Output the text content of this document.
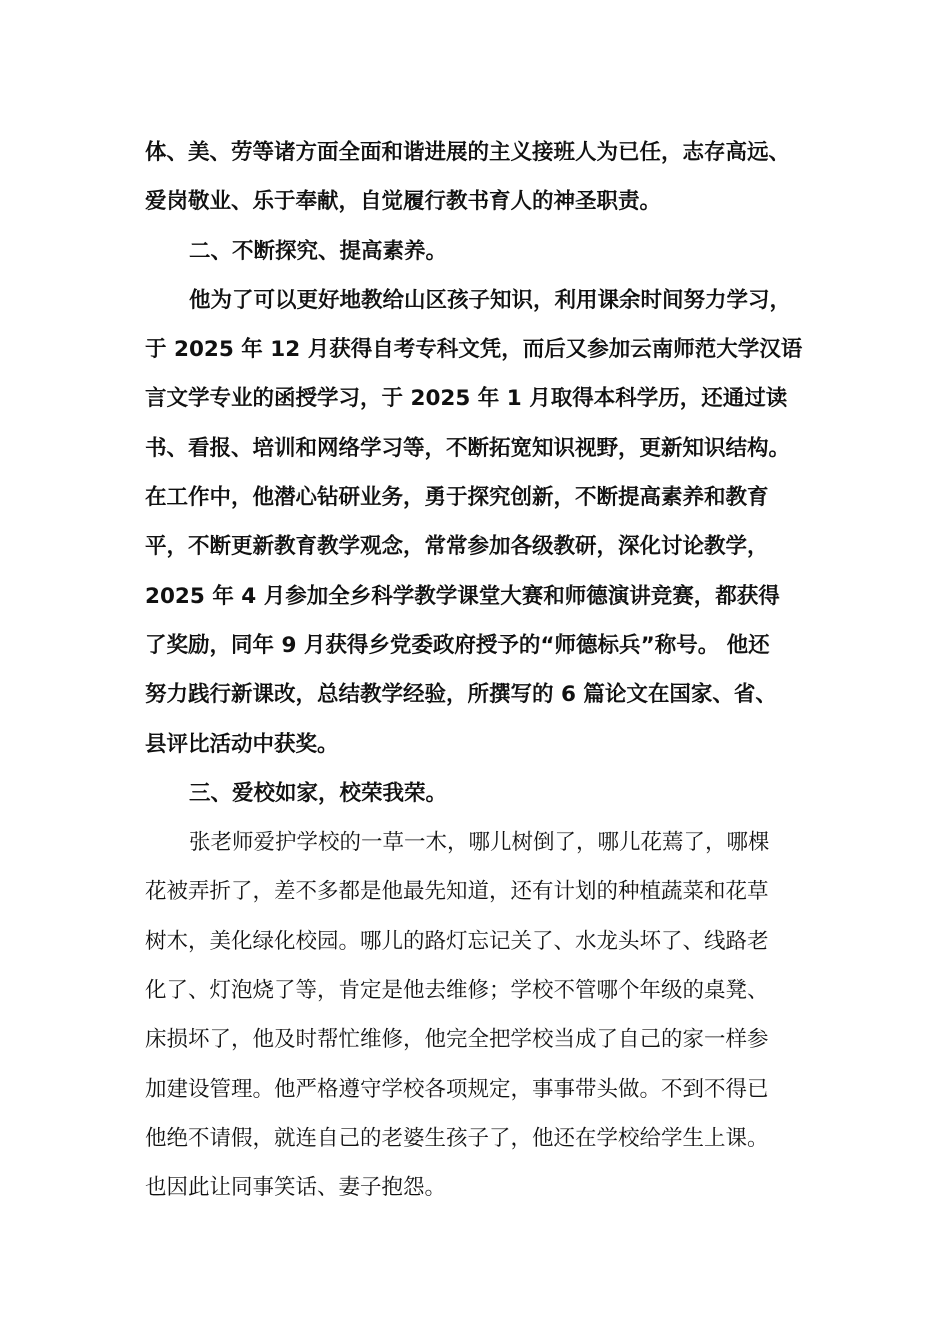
体、美、劳等诸方面全面和谐进展的主义接班人为已任，志存高远、
爱岗敬业、乐于奉献，自觉履行教书育人的神圣职责。
二、不断探究、提高素养。
他为了可以更好地教给山区孩子知识，利用课余时间努力学习，
于 2025 年 12 月获得自考专科文凭，而后又参加云南师范大学汉语
言文学专业的函授学习，于 2025 年 1 月取得本科学历，还通过读
书、看报、培训和网络学习等，不断拓宽知识视野，更新知识结构。
在工作中，他潜心钻研业务，勇于探究创新，不断提高素养和教育
平，不断更新教育教学观念，常常参加各级教研，深化讨论教学，
2025 年 4 月参加全乡科学教学课堂大赛和师德演讲竞赛，都获得
了奖励，同年 9 月获得乡党委政府授予的“师德标兵”称号。 他还
努力践行新课改，总结教学经验，所撰写的 6 篇论文在国家、省、
县评比活动中获奖。
三、爱校如家，校荣我荣。
张老师爱护学校的一草一木，哪儿树倒了，哪儿花蔫了，哪棵
花被弄折了，差不多都是他最先知道，还有计划的种植蔬菜和花草
树木，美化绿化校园。哪儿的路灯忘记关了、水龙头坏了、线路老
化了、灯泡烧了等，肯定是他去维修；学校不管哪个年级的桌凳、
床损坏了，他及时帮忙维修，他完全把学校当成了自己的家一样参
加建设管理。他严格遵守学校各项规定，事事带头做。不到不得已
他绝不请假，就连自己的老婆生孩子了，他还在学校给学生上课。
也因此让同事笑话、妻子抱怨。
